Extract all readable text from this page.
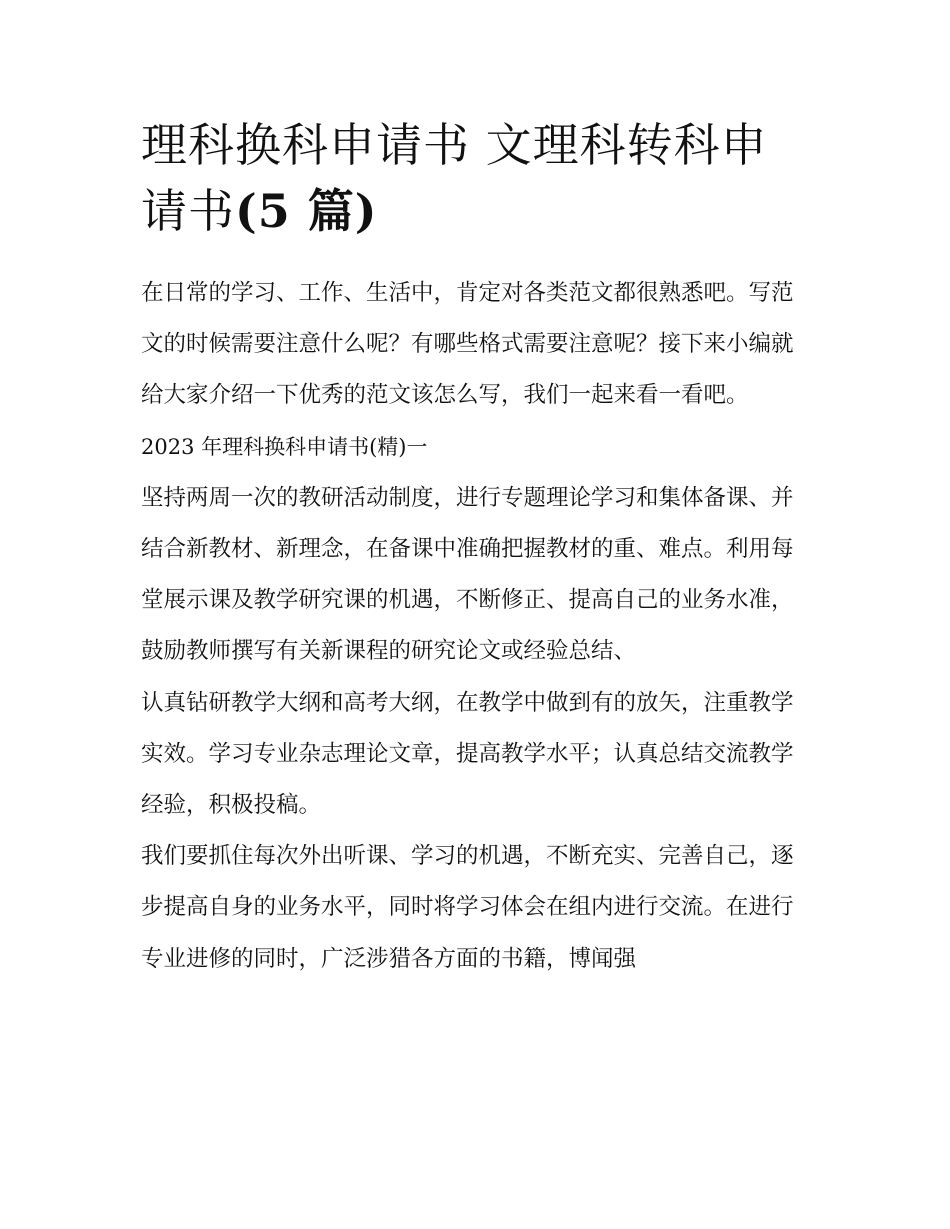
理科换科申请书 文理科转科申请书(5 篇)

在日常的学习、工作、生活中，肯定对各类范文都很熟悉吧。写范文的时候需要注意什么呢？有哪些格式需要注意呢？接下来小编就给大家介绍一下优秀的范文该怎么写，我们一起来看一看吧。

2023 年理科换科申请书(精)一

坚持两周一次的教研活动制度，进行专题理论学习和集体备课、并结合新教材、新理念，在备课中准确把握教材的重、难点。利用每堂展示课及教学研究课的机遇，不断修正、提高自己的业务水准，鼓励教师撰写有关新课程的研究论文或经验总结、

认真钻研教学大纲和高考大纲，在教学中做到有的放矢，注重教学实效。学习专业杂志理论文章，提高教学水平；认真总结交流教学经验，积极投稿。

我们要抓住每次外出听课、学习的机遇，不断充实、完善自己，逐步提高自身的业务水平，同时将学习体会在组内进行交流。在进行专业进修的同时，广泛涉猎各方面的书籍，博闻强
